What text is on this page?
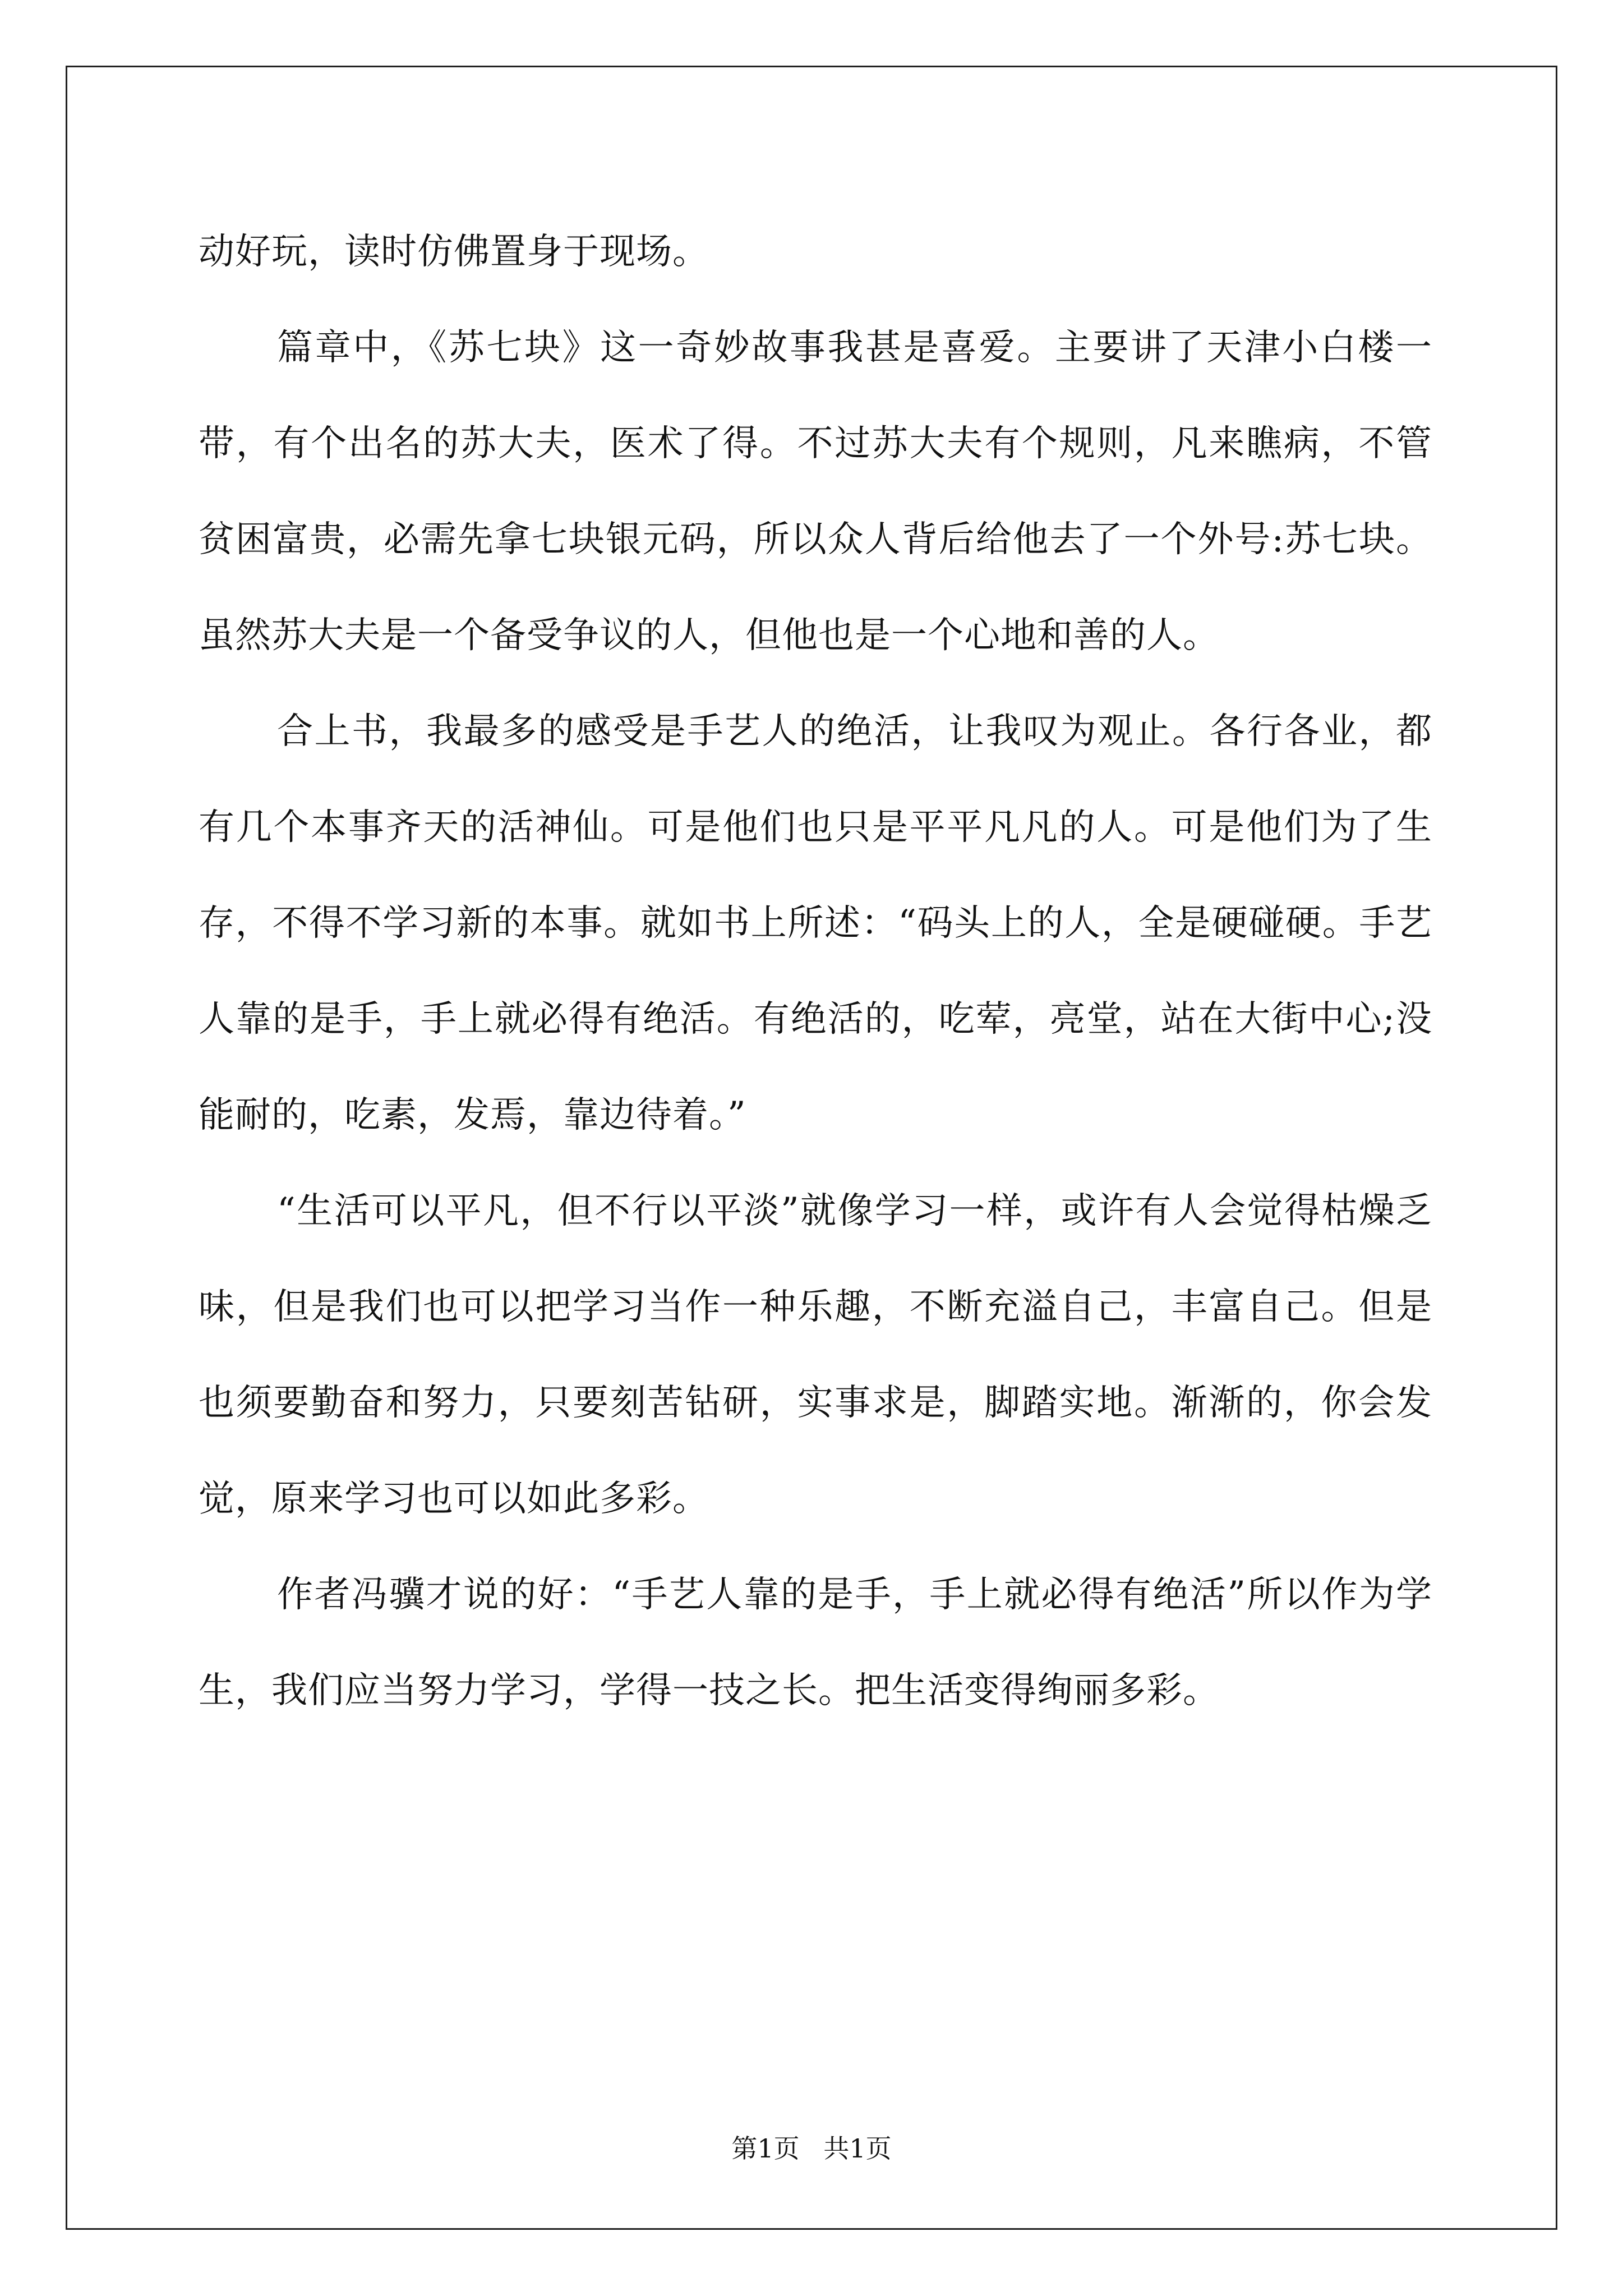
动好玩，读时仿佛置身于现场。

篇章中，《苏七块》这一奇妙故事我甚是喜爱。主要讲了天津小白楼一带，有个出名的苏大夫，医术了得。不过苏大夫有个规则，凡来瞧病，不管贫困富贵，必需先拿七块银元码，所以众人背后给他去了一个外号:苏七块。虽然苏大夫是一个备受争议的人，但他也是一个心地和善的人。

合上书，我最多的感受是手艺人的绝活，让我叹为观止。各行各业，都有几个本事齐天的活神仙。可是他们也只是平平凡凡的人。可是他们为了生存，不得不学习新的本事。就如书上所述：“码头上的人，全是硬碰硬。手艺人靠的是手，手上就必得有绝活。有绝活的，吃荤，亮堂，站在大街中心;没能耐的，吃素，发焉，靠边待着。”

“生活可以平凡，但不行以平淡”就像学习一样，或许有人会觉得枯燥乏味，但是我们也可以把学习当作一种乐趣，不断充溢自己，丰富自己。但是也须要勤奋和努力，只要刻苦钻研，实事求是，脚踏实地。渐渐的，你会发觉，原来学习也可以如此多彩。

作者冯骥才说的好：“手艺人靠的是手，手上就必得有绝活”所以作为学生，我们应当努力学习，学得一技之长。把生活变得绚丽多彩。

第1页 共1页
